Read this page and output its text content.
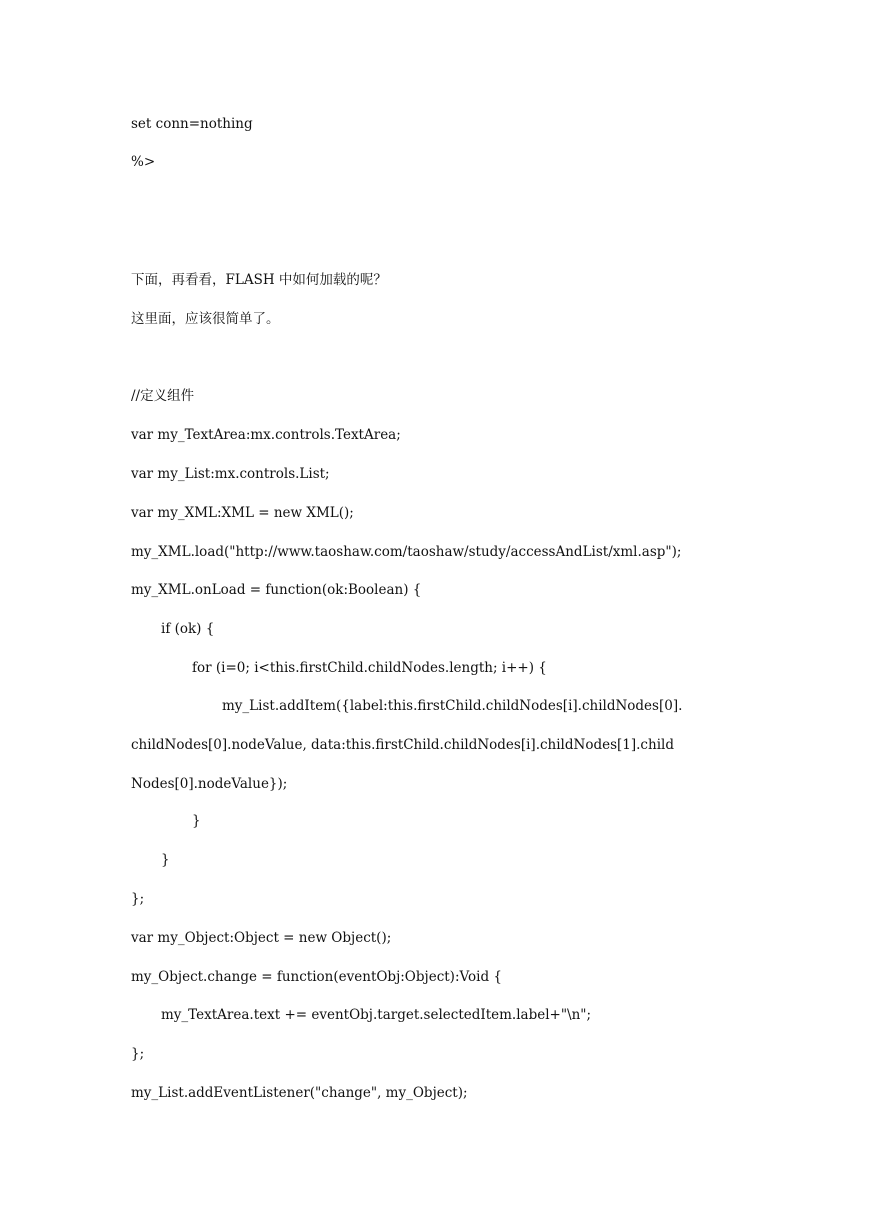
set conn=nothing
%>
下面，再看看，FLASH 中如何加载的呢？
这里面，应该很简单了。
//定义组件
var my_TextArea:mx.controls.TextArea;
var my_List:mx.controls.List;
var my_XML:XML = new XML();
my_XML.load("http://www.taoshaw.com/taoshaw/study/accessAndList/xml.asp");
my_XML.onLoad = function(ok:Boolean) {
if (ok) {
for (i=0; i<this.firstChild.childNodes.length; i++) {
my_List.addItem({label:this.firstChild.childNodes[i].childNodes[0].
childNodes[0].nodeValue, data:this.firstChild.childNodes[i].childNodes[1].child
Nodes[0].nodeValue});
}
}
};
var my_Object:Object = new Object();
my_Object.change = function(eventObj:Object):Void {
my_TextArea.text += eventObj.target.selectedItem.label+"\n";
};
my_List.addEventListener("change", my_Object);
